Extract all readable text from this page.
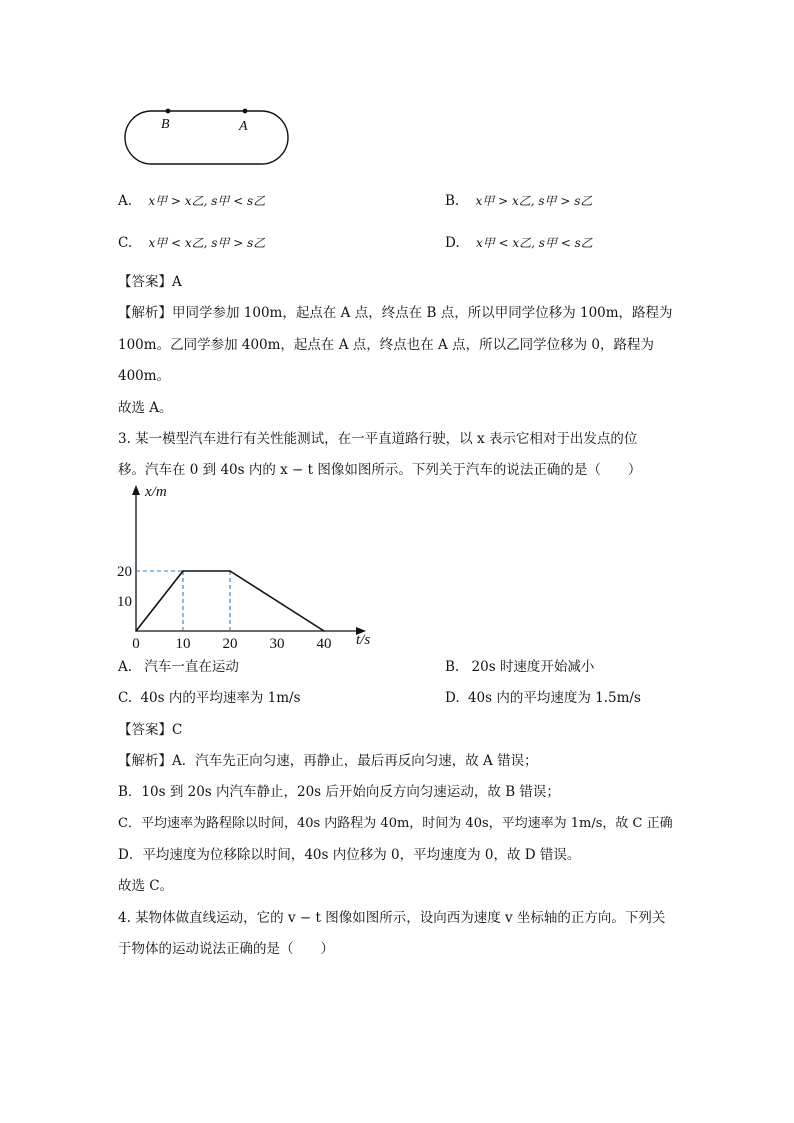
B	A
A. x甲 > x乙, s甲 < s乙	B. x甲 > x乙, s甲 > s乙
C. x甲 < x乙, s甲 > s乙	D. x甲 < x乙, s甲 < s乙
【答案】A
【解析】甲同学参加 100m，起点在 A 点，终点在 B 点，所以甲同学位移为 100m，路程为
100m。乙同学参加 400m，起点在 A 点，终点也在 A 点，所以乙同学位移为 0，路程为
400m。
故选 A。
3. 某一模型汽车进行有关性能测试，在一平直道路行驶，以 x 表示它相对于出发点的位
移。汽车在 0 到 40s 内的 x − t 图像如图所示。下列关于汽车的说法正确的是（　　）
x/m
t/s
0 10 20 30 40
10
20
A. 汽车一直在运动	B. 20s 时速度开始减小
C. 40s 内的平均速率为 1m/s	D. 40s 内的平均速度为 1.5m/s
【答案】C
【解析】A．汽车先正向匀速，再静止，最后再反向匀速，故 A 错误；
B．10s 到 20s 内汽车静止，20s 后开始向反方向匀速运动，故 B 错误；
C．平均速率为路程除以时间，40s 内路程为 40m，时间为 40s，平均速率为 1m/s，故 C 正确
D．平均速度为位移除以时间，40s 内位移为 0，平均速度为 0，故 D 错误。
故选 C。
4. 某物体做直线运动，它的 v − t 图像如图所示，设向西为速度 v 坐标轴的正方向。下列关
于物体的运动说法正确的是（　　）
